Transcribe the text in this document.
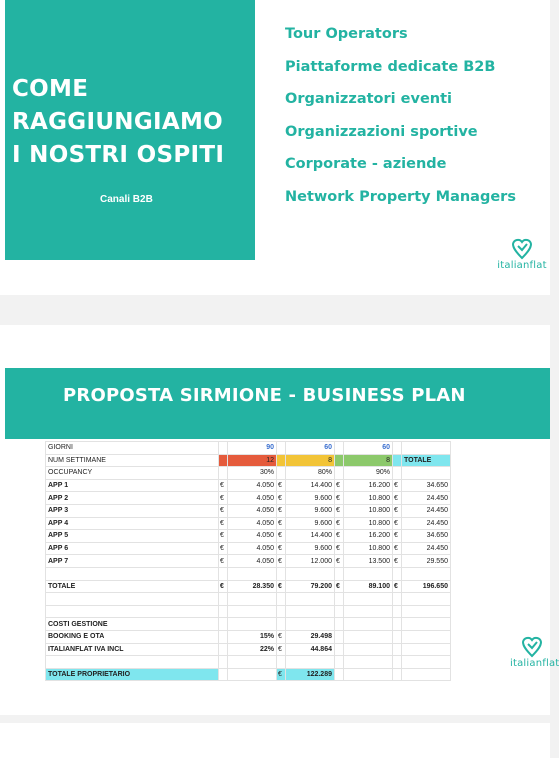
COME
RAGGIUNGIAMO
I NOSTRI OSPITI
Canali B2B
Tour Operators
Piattaforme dedicate B2B
Organizzatori eventi
Organizzazioni sportive
Corporate - aziende
Network Property Managers
italianflat
PROPOSTA SIRMIONE - BUSINESS PLAN
GIORNI		90		60		60		
NUM SETTIMANE		12		8		8		TOTALE
OCCUPANCY		30%		80%		90%		
APP 1	€	4.050	€	14.400	€	16.200	€	34.650
APP 2	€	4.050	€	9.600	€	10.800	€	24.450
APP 3	€	4.050	€	9.600	€	10.800	€	24.450
APP 4	€	4.050	€	9.600	€	10.800	€	24.450
APP 5	€	4.050	€	14.400	€	16.200	€	34.650
APP 6	€	4.050	€	9.600	€	10.800	€	24.450
APP 7	€	4.050	€	12.000	€	13.500	€	29.550

TOTALE	€	28.350	€	79.200	€	89.100	€	196.650

COSTI GESTIONE								
BOOKING E OTA		15%	€	29.498				
ITALIANFLAT IVA INCL		22%	€	44.864				

TOTALE PROPRIETARIO			€	122.289				
italianflat
